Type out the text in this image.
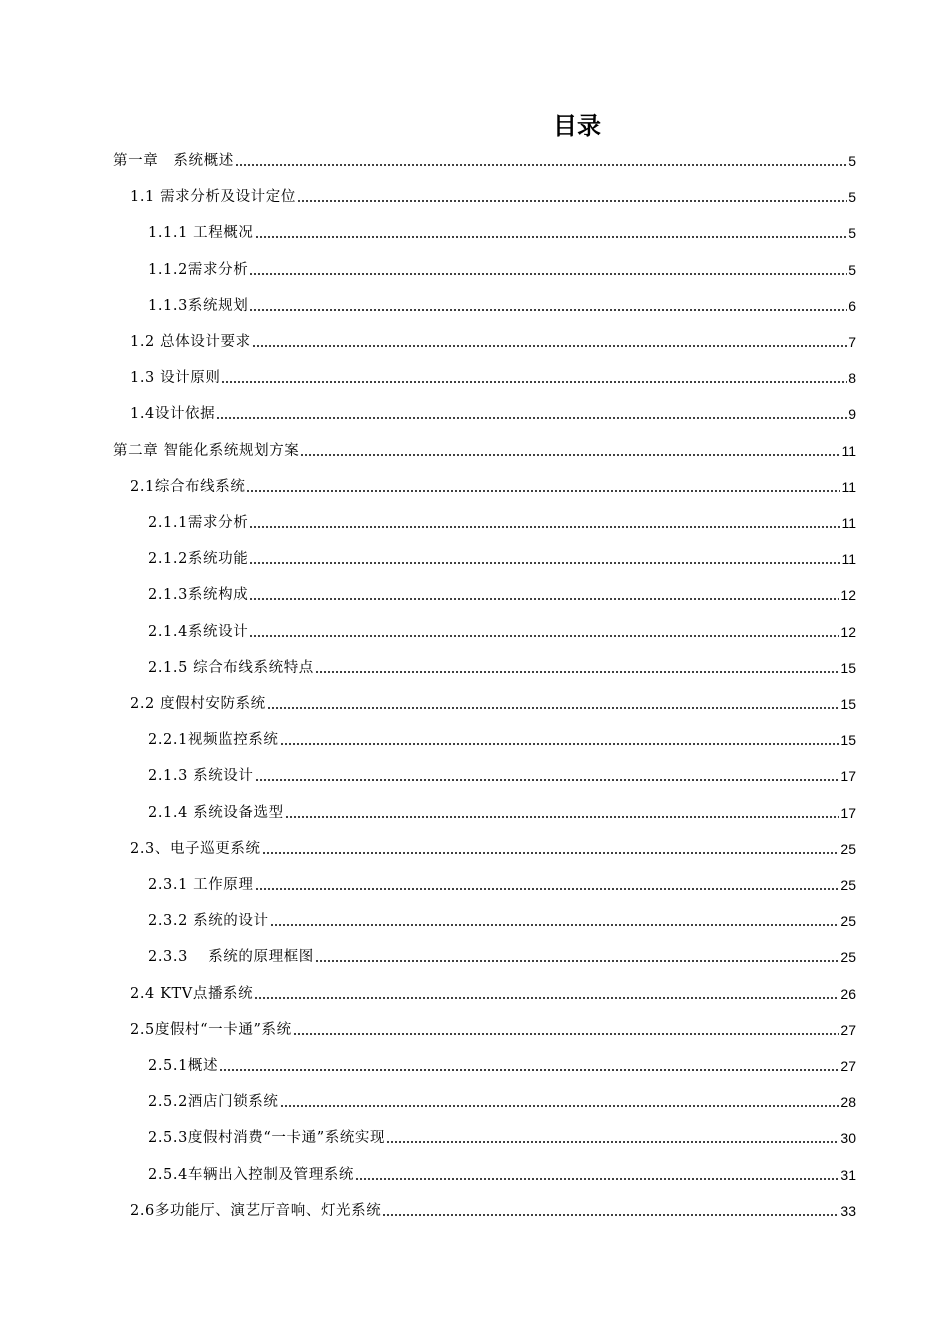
目录
第一章　系统概述	5
1.1 需求分析及设计定位	5
1.1.1 工程概况	5
1.1.2需求分析	5
1.1.3系统规划	6
1.2 总体设计要求	7
1.3 设计原则	8
1.4设计依据	9
第二章 智能化系统规划方案	11
2.1综合布线系统	11
2.1.1需求分析	11
2.1.2系统功能	11
2.1.3系统构成	12
2.1.4系统设计	12
2.1.5 综合布线系统特点	15
2.2 度假村安防系统	15
2.2.1视频监控系统	15
2.1.3 系统设计	17
2.1.4 系统设备选型	17
2.3、电子巡更系统	25
2.3.1 工作原理	25
2.3.2 系统的设计	25
2.3.3　 系统的原理框图	25
2.4 KTV点播系统	26
2.5度假村“一卡通”系统	27
2.5.1概述	27
2.5.2酒店门锁系统	28
2.5.3度假村消费“一卡通”系统实现	30
2.5.4车辆出入控制及管理系统	31
2.6多功能厅、演艺厅音响、灯光系统	33
